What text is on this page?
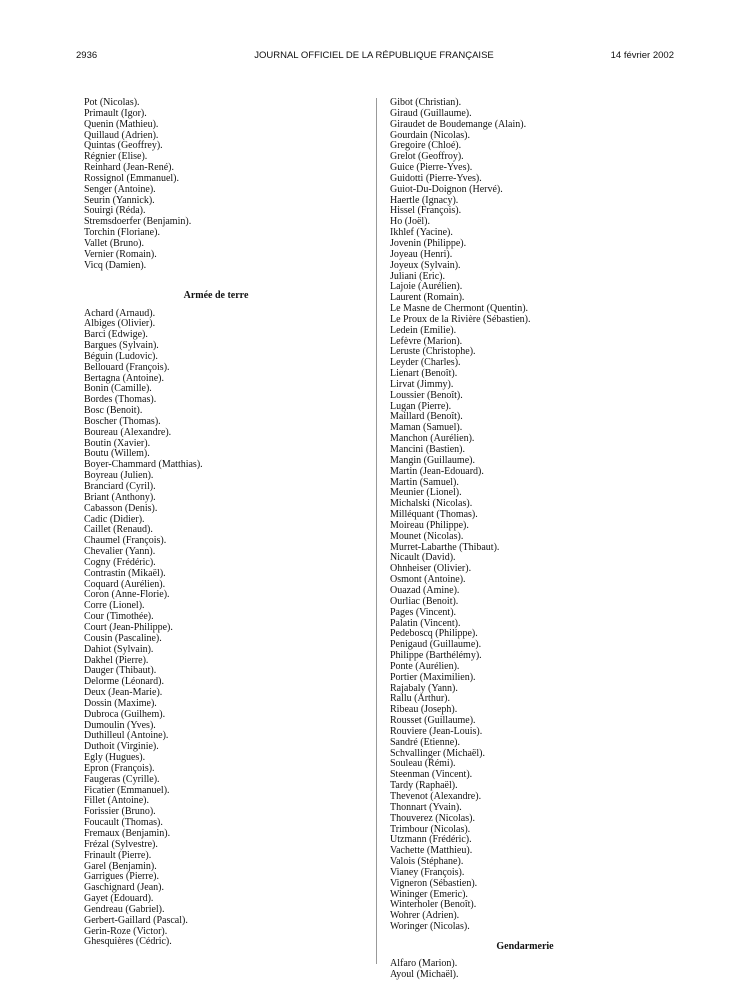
2936	JOURNAL OFFICIEL DE LA RÉPUBLIQUE FRANÇAISE	14 février 2002
Pot (Nicolas).
Primault (Igor).
Quenin (Mathieu).
Quillaud (Adrien).
Quintas (Geoffrey).
Régnier (Elise).
Reinhard (Jean-René).
Rossignol (Emmanuel).
Senger (Antoine).
Seurin (Yannick).
Souirgi (Réda).
Stremsdoerfer (Benjamin).
Torchin (Floriane).
Vallet (Bruno).
Vernier (Romain).
Vicq (Damien).
Armée de terre
Achard (Arnaud).
Albiges (Olivier).
Barci (Edwige).
Bargues (Sylvain).
Béguin (Ludovic).
Bellouard (François).
Bertagna (Antoine).
Bonin (Camille).
Bordes (Thomas).
Bosc (Benoit).
Boscher (Thomas).
Boureau (Alexandre).
Boutin (Xavier).
Boutu (Willem).
Boyer-Chammard (Matthias).
Boyreau (Julien).
Branciard (Cyril).
Briant (Anthony).
Cabasson (Denis).
Cadic (Didier).
Caillet (Renaud).
Chaumel (François).
Chevalier (Yann).
Cogny (Frédéric).
Contrastin (Mikaël).
Coquard (Aurélien).
Coron (Anne-Florie).
Corre (Lionel).
Cour (Timothée).
Court (Jean-Philippe).
Cousin (Pascaline).
Dahiot (Sylvain).
Dakhel (Pierre).
Dauger (Thibaut).
Delorme (Léonard).
Deux (Jean-Marie).
Dossin (Maxime).
Dubroca (Guilhem).
Dumoulin (Yves).
Duthilleul (Antoine).
Duthoit (Virginie).
Egly (Hugues).
Epron (François).
Faugeras (Cyrille).
Ficatier (Emmanuel).
Fillet (Antoine).
Forissier (Bruno).
Foucault (Thomas).
Fremaux (Benjamin).
Frézal (Sylvestre).
Frinault (Pierre).
Garel (Benjamin).
Garrigues (Pierre).
Gaschignard (Jean).
Gayet (Edouard).
Gendreau (Gabriel).
Gerbert-Gaillard (Pascal).
Gerin-Roze (Victor).
Ghesquières (Cédric).
Gibot (Christian).
Giraud (Guillaume).
Giraudet de Boudemange (Alain).
Gourdain (Nicolas).
Gregoire (Chloé).
Grelot (Geoffroy).
Guice (Pierre-Yves).
Guidotti (Pierre-Yves).
Guiot-Du-Doignon (Hervé).
Haertle (Ignacy).
Hissel (François).
Ho (Joël).
Ikhlef (Yacine).
Jovenin (Philippe).
Joyeau (Henri).
Joyeux (Sylvain).
Juliani (Eric).
Lajoie (Aurélien).
Laurent (Romain).
Le Masne de Chermont (Quentin).
Le Proux de la Rivière (Sébastien).
Ledein (Emilie).
Lefèvre (Marion).
Leruste (Christophe).
Leyder (Charles).
Lienart (Benoît).
Lirvat (Jimmy).
Loussier (Benoît).
Lugan (Pierre).
Maillard (Benoît).
Maman (Samuel).
Manchon (Aurélien).
Mancini (Bastien).
Mangin (Guillaume).
Martin (Jean-Edouard).
Martin (Samuel).
Meunier (Lionel).
Michalski (Nicolas).
Milléquant (Thomas).
Moireau (Philippe).
Mounet (Nicolas).
Murret-Labarthe (Thibaut).
Nicault (David).
Ohnheiser (Olivier).
Osmont (Antoine).
Ouazad (Amine).
Ourliac (Benoit).
Pages (Vincent).
Palatin (Vincent).
Pedeboscq (Philippe).
Penigaud (Guillaume).
Philippe (Barthélémy).
Ponte (Aurélien).
Portier (Maximilien).
Rajabaly (Yann).
Rallu (Arthur).
Ribeau (Joseph).
Rousset (Guillaume).
Rouviere (Jean-Louis).
Sandré (Etienne).
Schvallinger (Michaël).
Souleau (Rémi).
Steenman (Vincent).
Tardy (Raphaël).
Thevenot (Alexandre).
Thonnart (Yvain).
Thouverez (Nicolas).
Trimbour (Nicolas).
Utzmann (Frédéric).
Vachette (Matthieu).
Valois (Stéphane).
Vianey (François).
Vigneron (Sébastien).
Wininger (Emeric).
Winterholer (Benoît).
Wohrer (Adrien).
Woringer (Nicolas).
Gendarmerie
Alfaro (Marion).
Ayoul (Michaël).
